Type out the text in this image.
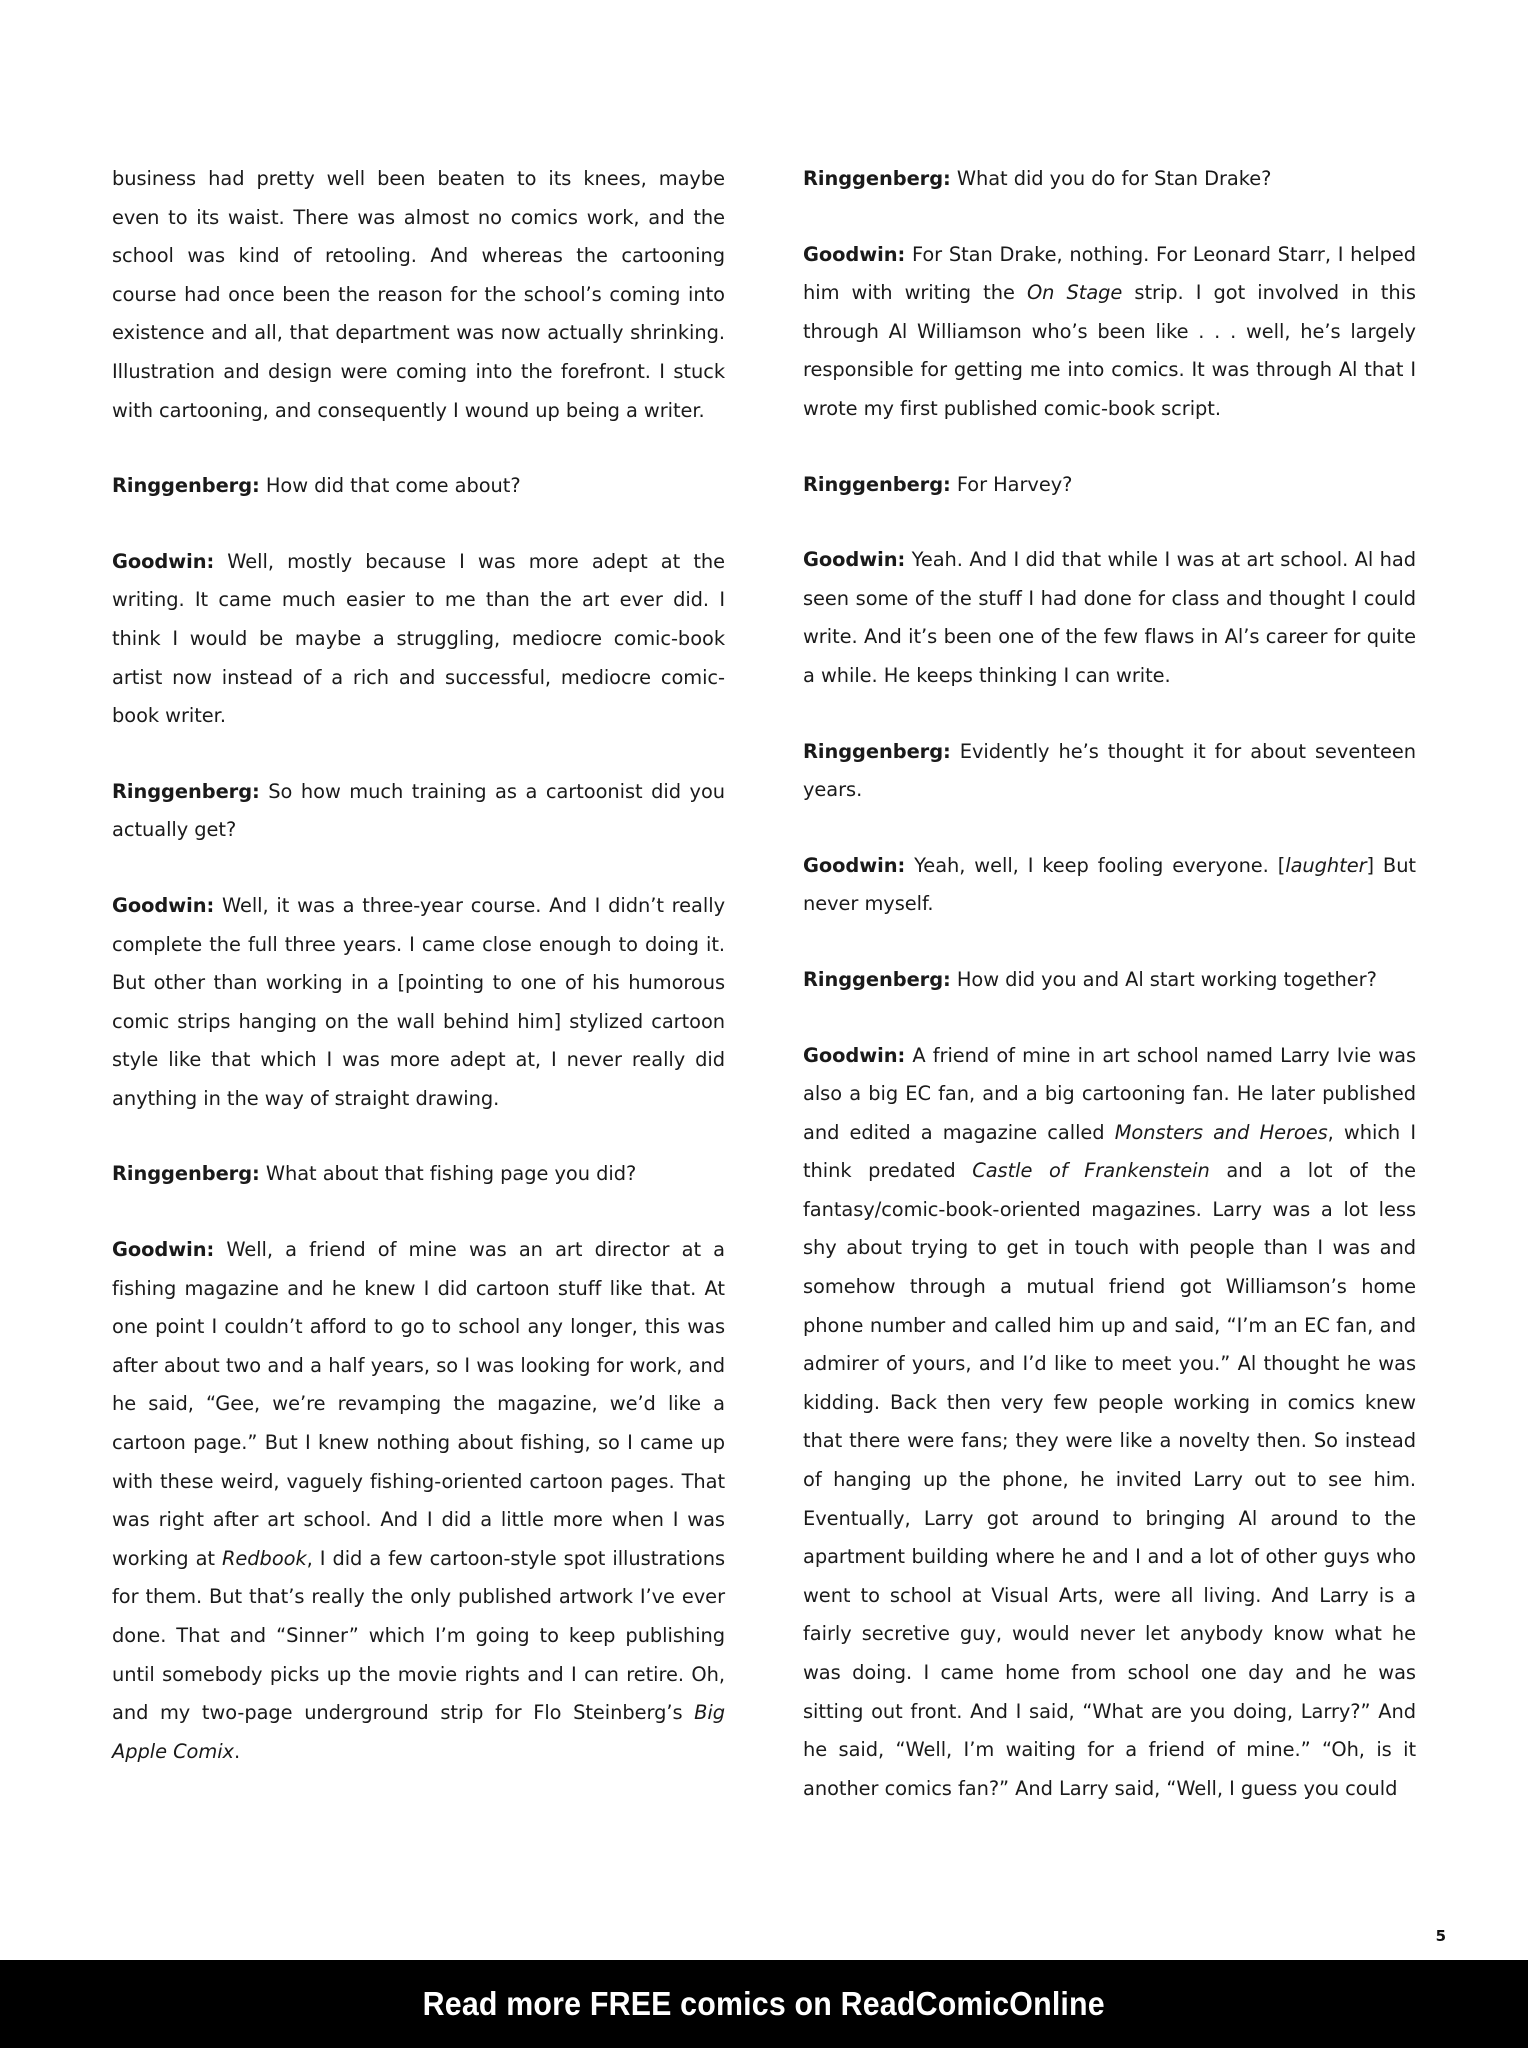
business had pretty well been beaten to its knees, maybe even to its waist. There was almost no comics work, and the school was kind of retooling. And whereas the cartooning course had once been the reason for the school’s coming into existence and all, that department was now actually shrinking. Illustration and design were coming into the forefront. I stuck with cartooning, and consequently I wound up being a writer.

Ringgenberg: How did that come about?

Goodwin: Well, mostly because I was more adept at the writing. It came much easier to me than the art ever did. I think I would be maybe a struggling, mediocre comic-book artist now instead of a rich and successful, mediocre comic-book writer.

Ringgenberg: So how much training as a cartoonist did you actually get?

Goodwin: Well, it was a three-year course. And I didn’t really complete the full three years. I came close enough to doing it. But other than working in a [pointing to one of his humorous comic strips hanging on the wall behind him] stylized cartoon style like that which I was more adept at, I never really did anything in the way of straight drawing.

Ringgenberg: What about that fishing page you did?

Goodwin: Well, a friend of mine was an art director at a fishing magazine and he knew I did cartoon stuff like that. At one point I couldn’t afford to go to school any longer, this was after about two and a half years, so I was looking for work, and he said, “Gee, we’re revamping the magazine, we’d like a cartoon page.” But I knew nothing about fishing, so I came up with these weird, vaguely fishing-oriented cartoon pages. That was right after art school. And I did a little more when I was working at Redbook, I did a few cartoon-style spot illustrations for them. But that’s really the only published artwork I’ve ever done. That and “Sinner” which I’m going to keep publishing until somebody picks up the movie rights and I can retire. Oh, and my two-page underground strip for Flo Steinberg’s Big Apple Comix.

Ringgenberg: What did you do for Stan Drake?

Goodwin: For Stan Drake, nothing. For Leonard Starr, I helped him with writing the On Stage strip. I got involved in this through Al Williamson who’s been like . . . well, he’s largely responsible for getting me into comics. It was through Al that I wrote my first published comic-book script.

Ringgenberg: For Harvey?

Goodwin: Yeah. And I did that while I was at art school. Al had seen some of the stuff I had done for class and thought I could write. And it’s been one of the few flaws in Al’s career for quite a while. He keeps thinking I can write.

Ringgenberg: Evidently he’s thought it for about seventeen years.

Goodwin: Yeah, well, I keep fooling everyone. [laughter] But never myself.

Ringgenberg: How did you and Al start working together?

Goodwin: A friend of mine in art school named Larry Ivie was also a big EC fan, and a big cartooning fan. He later published and edited a magazine called Monsters and Heroes, which I think predated Castle of Frankenstein and a lot of the fantasy/comic-book-oriented magazines. Larry was a lot less shy about trying to get in touch with people than I was and somehow through a mutual friend got Williamson’s home phone number and called him up and said, “I’m an EC fan, and admirer of yours, and I’d like to meet you.” Al thought he was kidding. Back then very few people working in comics knew that there were fans; they were like a novelty then. So instead of hanging up the phone, he invited Larry out to see him. Eventually, Larry got around to bringing Al around to the apartment building where he and I and a lot of other guys who went to school at Visual Arts, were all living. And Larry is a fairly secretive guy, would never let anybody know what he was doing. I came home from school one day and he was sitting out front. And I said, “What are you doing, Larry?” And he said, “Well, I’m waiting for a friend of mine.” “Oh, is it another comics fan?” And Larry said, “Well, I guess you could

5
Read more FREE comics on ReadComicOnline
